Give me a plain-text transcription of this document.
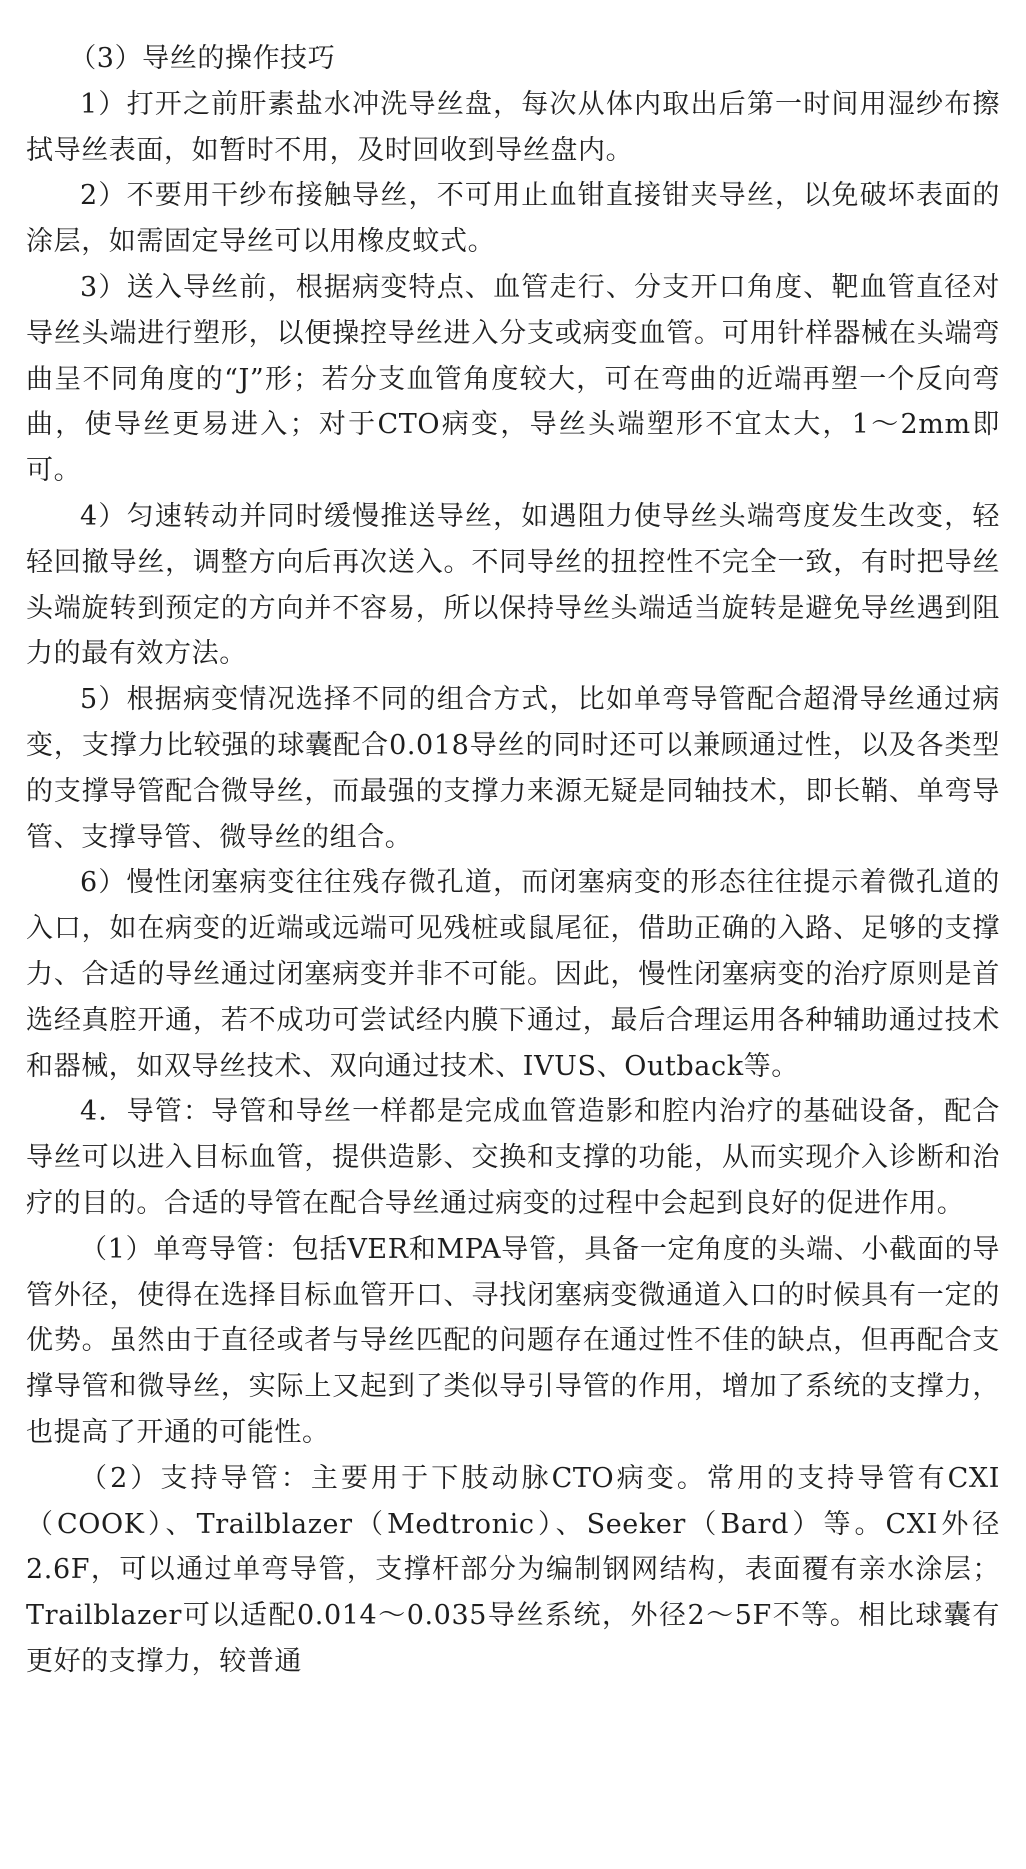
（3）导丝的操作技巧

1）打开之前肝素盐水冲洗导丝盘，每次从体内取出后第一时间用湿纱布擦拭导丝表面，如暂时不用，及时回收到导丝盘内。

2）不要用干纱布接触导丝，不可用止血钳直接钳夹导丝，以免破坏表面的涂层，如需固定导丝可以用橡皮蚊式。

3）送入导丝前，根据病变特点、血管走行、分支开口角度、靶血管直径对导丝头端进行塑形，以便操控导丝进入分支或病变血管。可用针样器械在头端弯曲呈不同角度的“J”形；若分支血管角度较大，可在弯曲的近端再塑一个反向弯曲，使导丝更易进入；对于CTO病变，导丝头端塑形不宜太大，1～2mm即可。

4）匀速转动并同时缓慢推送导丝，如遇阻力使导丝头端弯度发生改变，轻轻回撤导丝，调整方向后再次送入。不同导丝的扭控性不完全一致，有时把导丝头端旋转到预定的方向并不容易，所以保持导丝头端适当旋转是避免导丝遇到阻力的最有效方法。

5）根据病变情况选择不同的组合方式，比如单弯导管配合超滑导丝通过病变，支撑力比较强的球囊配合0.018导丝的同时还可以兼顾通过性，以及各类型的支撑导管配合微导丝，而最强的支撑力来源无疑是同轴技术，即长鞘、单弯导管、支撑导管、微导丝的组合。

6）慢性闭塞病变往往残存微孔道，而闭塞病变的形态往往提示着微孔道的入口，如在病变的近端或远端可见残桩或鼠尾征，借助正确的入路、足够的支撑力、合适的导丝通过闭塞病变并非不可能。因此，慢性闭塞病变的治疗原则是首选经真腔开通，若不成功可尝试经内膜下通过，最后合理运用各种辅助通过技术和器械，如双导丝技术、双向通过技术、IVUS、Outback等。

4．导管：导管和导丝一样都是完成血管造影和腔内治疗的基础设备，配合导丝可以进入目标血管，提供造影、交换和支撑的功能，从而实现介入诊断和治疗的目的。合适的导管在配合导丝通过病变的过程中会起到良好的促进作用。

（1）单弯导管：包括VER和MPA导管，具备一定角度的头端、小截面的导管外径，使得在选择目标血管开口、寻找闭塞病变微通道入口的时候具有一定的优势。虽然由于直径或者与导丝匹配的问题存在通过性不佳的缺点，但再配合支撑导管和微导丝，实际上又起到了类似导引导管的作用，增加了系统的支撑力，也提高了开通的可能性。

（2）支持导管：主要用于下肢动脉CTO病变。常用的支持导管有CXI（COOK）、Trailblazer（Medtronic）、Seeker（Bard）等。CXI外径2.6F，可以通过单弯导管，支撑杆部分为编制钢网结构，表面覆有亲水涂层；Trailblazer可以适配0.014～0.035导丝系统，外径2～5F不等。相比球囊有更好的支撑力，较普通
